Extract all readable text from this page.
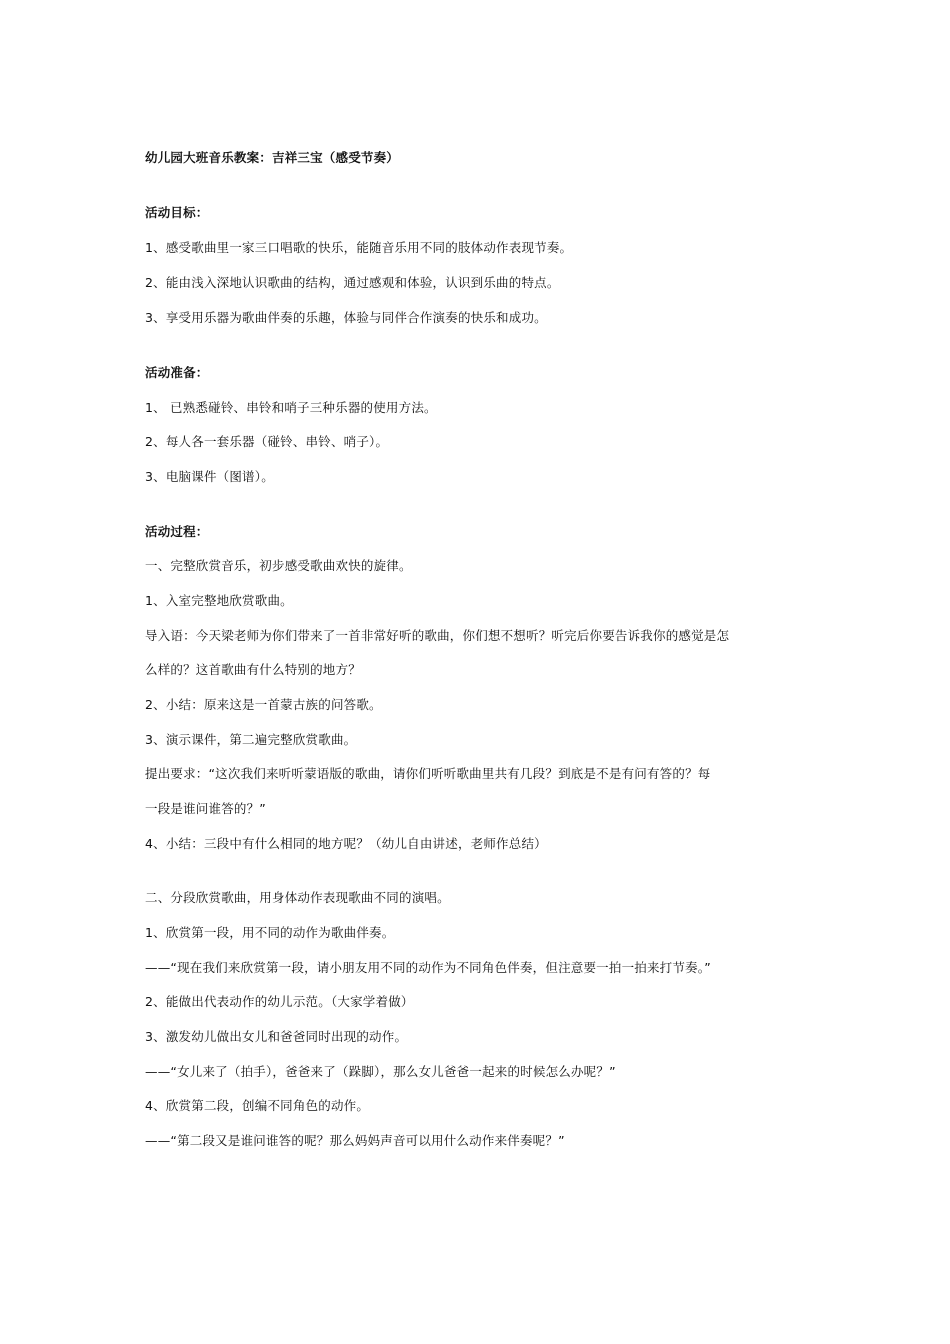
幼儿园大班音乐教案：吉祥三宝（感受节奏）
活动目标：
1、感受歌曲里一家三口唱歌的快乐，能随音乐用不同的肢体动作表现节奏。
2、能由浅入深地认识歌曲的结构，通过感观和体验，认识到乐曲的特点。
3、享受用乐器为歌曲伴奏的乐趣，体验与同伴合作演奏的快乐和成功。
活动准备：
1、 已熟悉碰铃、串铃和哨子三种乐器的使用方法。
2、每人各一套乐器（碰铃、串铃、哨子）。
3、电脑课件（图谱）。
活动过程：
一、完整欣赏音乐，初步感受歌曲欢快的旋律。
1、入室完整地欣赏歌曲。
导入语：今天梁老师为你们带来了一首非常好听的歌曲，你们想不想听？听完后你要告诉我你的感觉是怎
么样的？这首歌曲有什么特别的地方？
2、小结：原来这是一首蒙古族的问答歌。
3、演示课件，第二遍完整欣赏歌曲。
提出要求：“这次我们来听听蒙语版的歌曲，请你们听听歌曲里共有几段？到底是不是有问有答的？每
一段是谁问谁答的？”
4、小结：三段中有什么相同的地方呢？（幼儿自由讲述，老师作总结）
二、分段欣赏歌曲，用身体动作表现歌曲不同的演唱。
1、欣赏第一段，用不同的动作为歌曲伴奏。
——“现在我们来欣赏第一段，请小朋友用不同的动作为不同角色伴奏，但注意要一拍一拍来打节奏。”
2、能做出代表动作的幼儿示范。（大家学着做）
3、激发幼儿做出女儿和爸爸同时出现的动作。
——“女儿来了（拍手），爸爸来了（跺脚），那么女儿爸爸一起来的时候怎么办呢？”
4、欣赏第二段，创编不同角色的动作。
——“第二段又是谁问谁答的呢？那么妈妈声音可以用什么动作来伴奏呢？”
